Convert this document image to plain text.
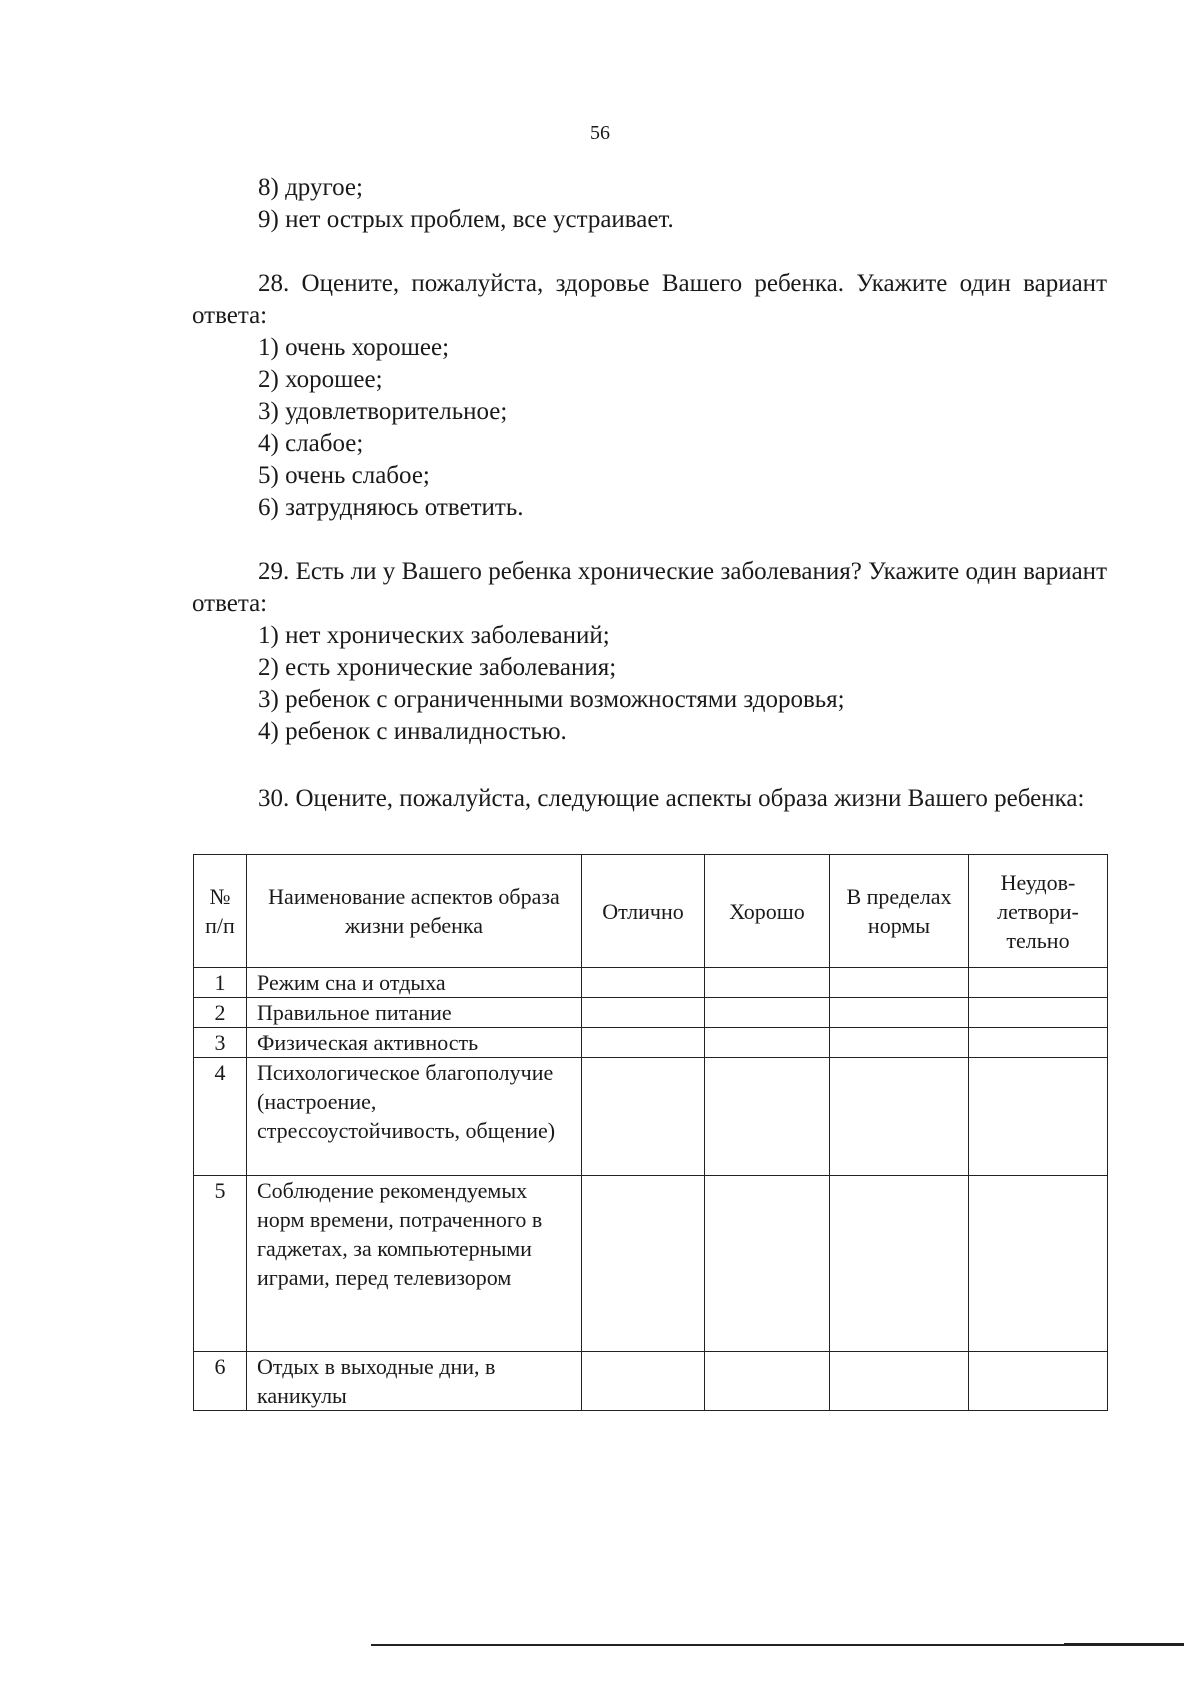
56
8) другое;
9) нет острых проблем, все устраивает.
28. Оцените, пожалуйста, здоровье Вашего ребенка. Укажите один вариант ответа:
1) очень хорошее;
2) хорошее;
3) удовлетворительное;
4) слабое;
5) очень слабое;
6) затрудняюсь ответить.
29. Есть ли у Вашего ребенка хронические заболевания? Укажите один вариант ответа:
1) нет хронических заболеваний;
2) есть хронические заболевания;
3) ребенок с ограниченными возможностями здоровья;
4) ребенок с инвалидностью.
30. Оцените, пожалуйста, следующие аспекты образа жизни Вашего ребенка:
№ п/п	Наименование аспектов образа жизни ребенка	Отлично	Хорошо	В пределах нормы	Неудов-летвори-тельно
1	Режим сна и отдыха				
2	Правильное питание				
3	Физическая активность				
4	Психологическое благополучие (настроение, стрессоустойчивость, общение)				
5	Соблюдение рекомендуемых норм времени, потраченного в гаджетах, за компьютерными играми, перед телевизором				
6	Отдых в выходные дни, в каникулы				
